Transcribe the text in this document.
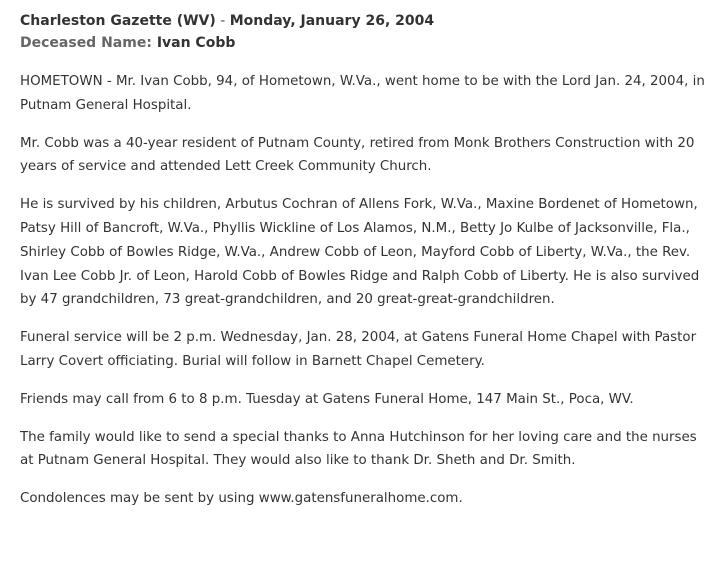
Charleston Gazette (WV) - Monday, January 26, 2004
Deceased Name: Ivan Cobb

HOMETOWN - Mr. Ivan Cobb, 94, of Hometown, W.Va., went home to be with the Lord Jan. 24, 2004, in Putnam General Hospital.

Mr. Cobb was a 40-year resident of Putnam County, retired from Monk Brothers Construction with 20 years of service and attended Lett Creek Community Church.

He is survived by his children, Arbutus Cochran of Allens Fork, W.Va., Maxine Bordenet of Hometown, Patsy Hill of Bancroft, W.Va., Phyllis Wickline of Los Alamos, N.M., Betty Jo Kulbe of Jacksonville, Fla., Shirley Cobb of Bowles Ridge, W.Va., Andrew Cobb of Leon, Mayford Cobb of Liberty, W.Va., the Rev. Ivan Lee Cobb Jr. of Leon, Harold Cobb of Bowles Ridge and Ralph Cobb of Liberty. He is also survived by 47 grandchildren, 73 great-grandchildren, and 20 great-great-grandchildren.

Funeral service will be 2 p.m. Wednesday, Jan. 28, 2004, at Gatens Funeral Home Chapel with Pastor Larry Covert officiating. Burial will follow in Barnett Chapel Cemetery.

Friends may call from 6 to 8 p.m. Tuesday at Gatens Funeral Home, 147 Main St., Poca, WV.

The family would like to send a special thanks to Anna Hutchinson for her loving care and the nurses at Putnam General Hospital. They would also like to thank Dr. Sheth and Dr. Smith.

Condolences may be sent by using www.gatensfuneralhome.com.
